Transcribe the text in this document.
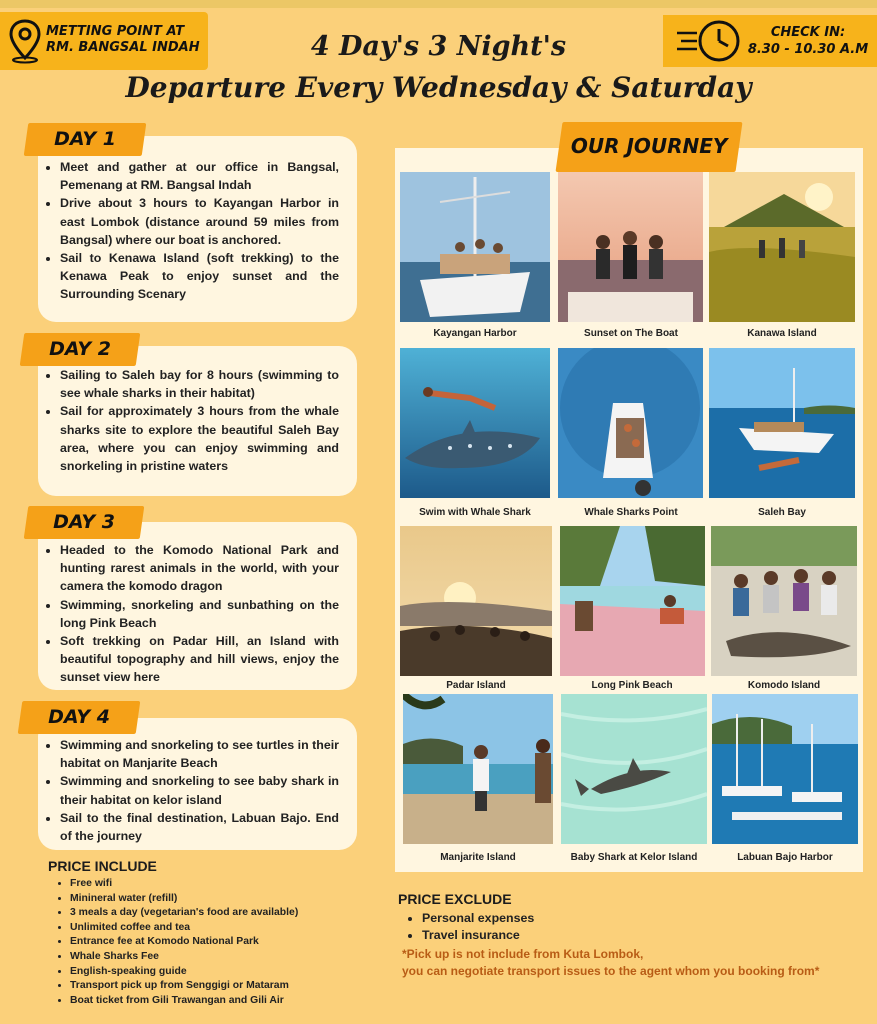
METTING POINT AT RM. BANGSAL INDAH
CHECK IN:
8.30 - 10.30 A.M
4 Day's 3 Night's
Departure Every Wednesday & Saturday
• Meet and gather at our office in Bangsal, Pemenang at RM. Bangsal Indah
• Drive about 3 hours to Kayangan Harbor in east Lombok (distance around 59 miles from Bangsal) where our boat is anchored.
• Sail to Kenawa Island (soft trekking) to the Kenawa Peak to enjoy sunset and the Surrounding Scenary
DAY 1
• Sailing to Saleh bay for 8 hours (swimming to see whale sharks in their habitat)
• Sail for approximately 3 hours from the whale sharks site to explore the beautiful Saleh Bay area, where you can enjoy swimming and snorkeling in pristine waters
DAY 2
• Headed to the Komodo National Park and hunting rarest animals in the world, with your camera the komodo dragon
• Swimming, snorkeling and sunbathing on the long Pink Beach
• Soft trekking on Padar Hill, an Island with beautiful topography and hill views, enjoy the sunset view here
DAY 3
• Swimming and snorkeling to see turtles in their habitat on Manjarite Beach
• Swimming and snorkeling to see baby shark in their habitat on kelor island
• Sail to the final destination, Labuan Bajo. End of the journey
DAY 4
OUR JOURNEY
Kayangan Harbor	Sunset on The Boat	Kanawa Island
Swim with Whale Shark	Whale Sharks Point	Saleh Bay
Padar Island	Long Pink Beach	Komodo Island
Manjarite Island	Baby Shark at Kelor Island	Labuan Bajo Harbor
PRICE INCLUDE
• Free wifi
• Minineral water (refill)
• 3 meals a day (vegetarian's food are available)
• Unlimited coffee and tea
• Entrance fee at Komodo National Park
• Whale Sharks Fee
• English-speaking guide
• Transport pick up from Senggigi or Mataram
• Boat ticket from Gili Trawangan and Gili Air
PRICE EXCLUDE
• Personal expenses
• Travel insurance
*Pick up is not include from Kuta Lombok,
you can negotiate transport issues to the agent whom you booking from*
